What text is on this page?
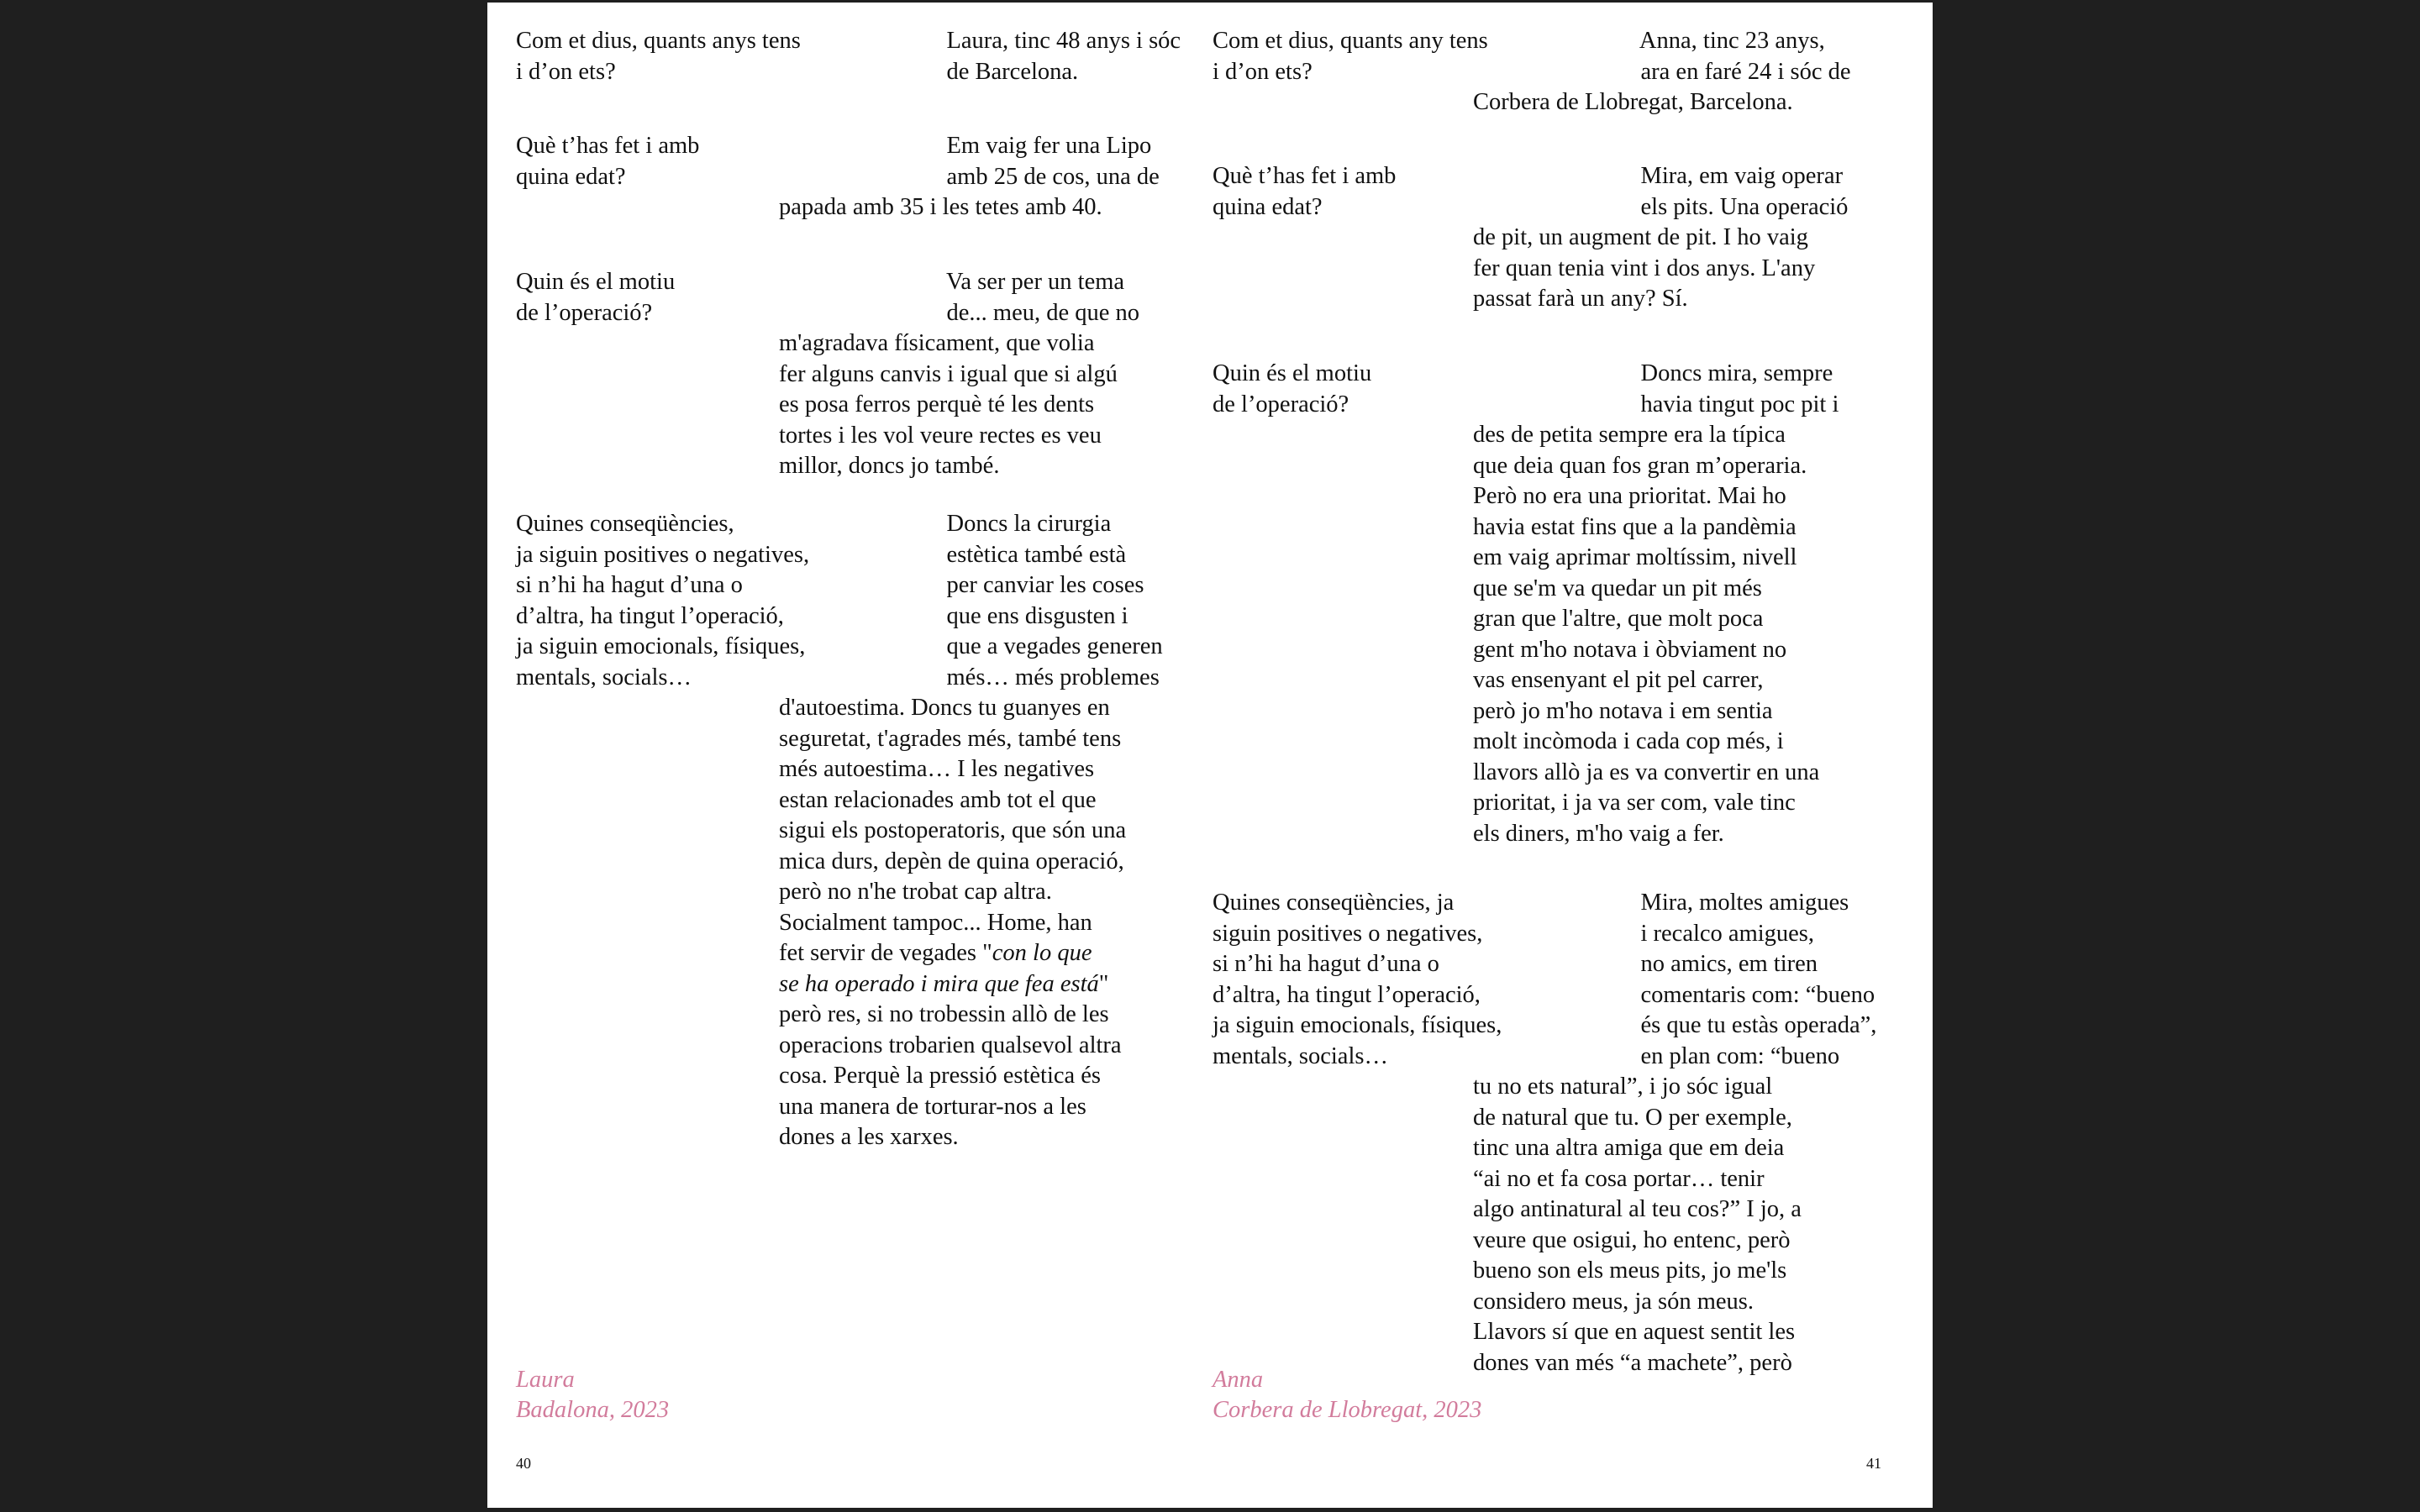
Com et dius, quants anys tens
i d’on ets?

Laura, tinc 48 anys i sóc
de Barcelona.

Què t’has fet i amb
quina edat?

Em vaig fer una Lipo
amb 25 de cos, una de
papada amb 35 i les tetes amb 40.

Quin és el motiu
de l’operació?

Va ser per un tema
de... meu, de que no
m'agradava físicament, que volia
fer alguns canvis i igual que si algú
es posa ferros perquè té les dents
tortes i les vol veure rectes es veu
millor, doncs jo també.

Quines conseqüències,
ja siguin positives o negatives,
si n’hi ha hagut d’una o
d’altra, ha tingut l’operació,
ja siguin emocionals, físiques,
mentals, socials…

Doncs la cirurgia
estètica també està
per canviar les coses
que ens disgusten i
que a vegades generen
més… més problemes
d'autoestima. Doncs tu guanyes en
seguretat, t'agrades més, també tens
més autoestima… I les negatives
estan relacionades amb tot el que
sigui els postoperatoris, que són una
mica durs, depèn de quina operació,
però no n'he trobat cap altra.
Socialment tampoc... Home, han
fet servir de vegades "con lo que
se ha operado i mira que fea está"
però res, si no trobessin allò de les
operacions trobarien qualsevol altra
cosa. Perquè la pressió estètica és
una manera de torturar-nos a les
dones a les xarxes.

Laura

Badalona, 2023

40

Com et dius, quants any tens
i d’on ets?

Anna, tinc 23 anys,
ara en faré 24 i sóc de
Corbera de Llobregat, Barcelona.

Què t’has fet i amb
quina edat?

Mira, em vaig operar
els pits. Una operació
de pit, un augment de pit. I ho vaig
fer quan tenia vint i dos anys. L'any
passat farà un any? Sí.

Quin és el motiu
de l’operació?

Doncs mira, sempre
havia tingut poc pit i
des de petita sempre era la típica
que deia quan fos gran m’operaria.
Però no era una prioritat. Mai ho
havia estat fins que a la pandèmia
em vaig aprimar moltíssim, nivell
que se'm va quedar un pit més
gran que l'altre, que molt poca
gent m'ho notava i òbviament no
vas ensenyant el pit pel carrer,
però jo m'ho notava i em sentia
molt incòmoda i cada cop més, i
llavors allò ja es va convertir en una
prioritat, i ja va ser com, vale tinc
els diners, m'ho vaig a fer.

Quines conseqüències, ja
siguin positives o negatives,
si n’hi ha hagut d’una o
d’altra, ha tingut l’operació,
ja siguin emocionals, físiques,
mentals, socials…

Mira, moltes amigues
i recalco amigues,
no amics, em tiren
comentaris com: “bueno
és que tu estàs operada”,
en plan com: “bueno
tu no ets natural”, i jo sóc igual
de natural que tu. O per exemple,
tinc una altra amiga que em deia
“ai no et fa cosa portar… tenir
algo antinatural al teu cos?” I jo, a
veure que osigui, ho entenc, però
bueno son els meus pits, jo me'ls
considero meus, ja són meus.
Llavors sí que en aquest sentit les
dones van més “a machete”, però

Anna

Corbera de Llobregat, 2023

41
